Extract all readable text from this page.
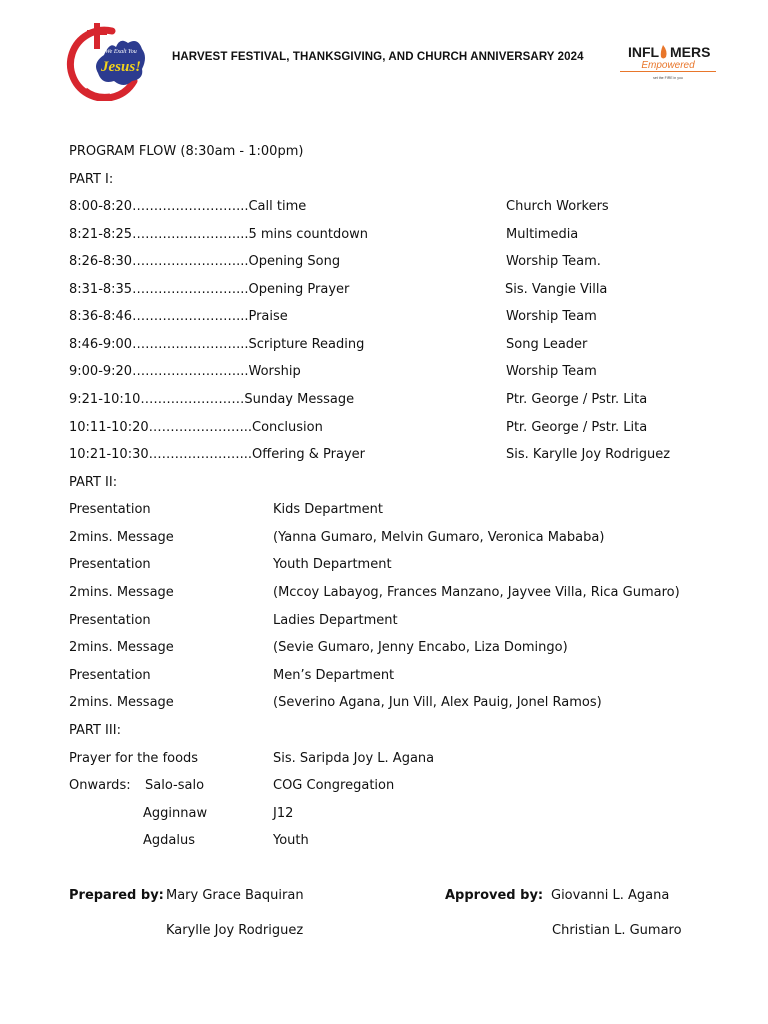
We Exalt You
Jesus!
HARVEST FESTIVAL, THANKSGIVING, AND CHURCH ANNIVERSARY 2024	INFL MERS
Empowered
set the FIRE in you
PROGRAM FLOW (8:30am - 1:00pm)
PART I:
8:00-8:20……………………...Call time	Church Workers
8:21-8:25……………………...5 mins countdown	Multimedia
8:26-8:30……………………...Opening Song	Worship Team.
8:31-8:35……………………...Opening Prayer	Sis. Vangie Villa
8:36-8:46……………………...Praise	Worship Team
8:46-9:00……………………...Scripture Reading	Song Leader
9:00-9:20……………………...Worship	Worship Team
9:21-10:10……………………Sunday Message	Ptr. George / Pstr. Lita
10:11-10:20…………………...Conclusion	Ptr. George / Pstr. Lita
10:21-10:30…………………...Offering & Prayer	Sis. Karylle Joy Rodriguez
PART II:
Presentation	Kids Department
2mins. Message	(Yanna Gumaro, Melvin Gumaro, Veronica Mababa)
Presentation	Youth Department
2mins. Message	(Mccoy Labayog, Frances Manzano, Jayvee Villa, Rica Gumaro)
Presentation	Ladies Department
2mins. Message	(Sevie Gumaro, Jenny Encabo, Liza Domingo)
Presentation	Men’s Department
2mins. Message	(Severino Agana, Jun Vill, Alex Pauig, Jonel Ramos)
PART III:
Prayer for the foods	Sis. Saripda Joy L. Agana
Onwards: Salo-salo	COG Congregation
Agginnaw	J12
Agdalus	Youth
Prepared by: Mary Grace Baquiran
Karylle Joy Rodriguez
Approved by: Giovanni L. Agana
Christian L. Gumaro
